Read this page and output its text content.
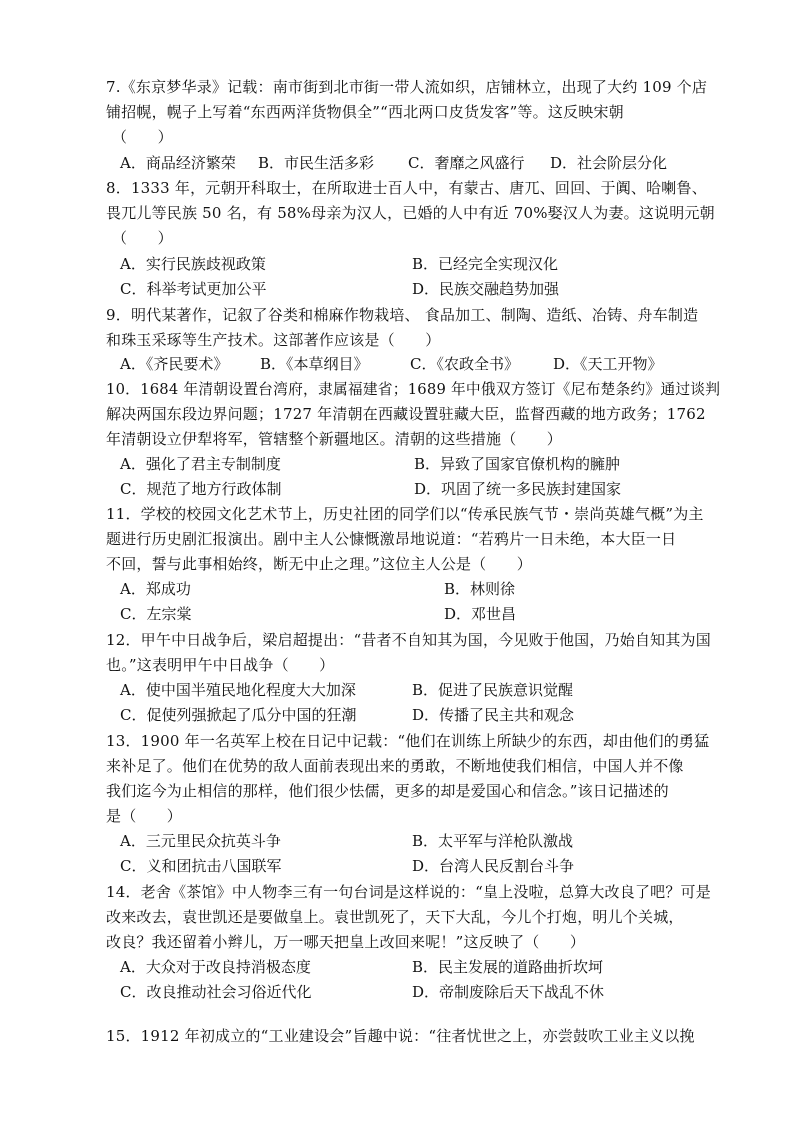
7.《东京梦华录》记载：南市街到北市街一带人流如织，店铺林立，出现了大约 109 个店
铺招幌，幌子上写着“东西两洋货物俱全”“西北两口皮货发客”等。这反映宋朝
（　　）
A．商品经济繁荣 B．市民生活多彩 C．奢靡之风盛行 D．社会阶层分化
8．1333 年，元朝开科取士，在所取进士百人中，有蒙古、唐兀、回回、于阗、哈喇鲁、
畏兀儿等民族 50 名，有 58%母亲为汉人，已婚的人中有近 70%娶汉人为妻。这说明元朝
（　　）
A．实行民族歧视政策	B．已经完全实现汉化
C．科举考试更加公平	D．民族交融趋势加强
9．明代某著作，记叙了谷类和棉麻作物栽培、 食品加工、制陶、造纸、冶铸、舟车制造
和珠玉采琢等生产技术。这部著作应该是（　　）
A．《齐民要术》 B．《本草纲目》	C．《农政全书》 D．《天工开物》
10．1684 年清朝设置台湾府，隶属福建省；1689 年中俄双方签订《尼布楚条约》通过谈判
解决两国东段边界问题；1727 年清朝在西藏设置驻藏大臣，监督西藏的地方政务；1762
年清朝设立伊犁将军，管辖整个新疆地区。清朝的这些措施（　　）
A．强化了君主专制制度	B．异致了国家官僚机构的臃肿
C．规范了地方行政体制	D．巩固了统一多民族封建国家
11．学校的校园文化艺术节上，历史社团的同学们以“传承民族气节・崇尚英雄气概”为主
题进行历史剧汇报演出。剧中主人公慷慨激昂地说道：“若鸦片一日未绝，本大臣一日
不回，誓与此事相始终，断无中止之理。”这位主人公是（　　）
A．郑成功	B．林则徐
C．左宗棠	D．邓世昌
12．甲午中日战争后，梁启超提出：“昔者不自知其为国，今见败于他国，乃始自知其为国
也。”这表明甲午中日战争（　　）
A．使中国半殖民地化程度大大加深	B．促进了民族意识觉醒
C．促使列强掀起了瓜分中国的狂潮	D．传播了民主共和观念
13．1900 年一名英军上校在日记中记载：“他们在训练上所缺少的东西，却由他们的勇猛
来补足了。他们在优势的敌人面前表现出来的勇敢，不断地使我们相信，中国人并不像
我们迄今为止相信的那样，他们很少怯儒，更多的却是爱国心和信念。”该日记描述的
是（　　）
A．三元里民众抗英斗争	B．太平军与洋枪队激战
C．义和团抗击八国联军	D．台湾人民反割台斗争
14．老舍《茶馆》中人物李三有一句台词是这样说的：“皇上没啦，总算大改良了吧？可是
改来改去，袁世凯还是要做皇上。袁世凯死了，天下大乱，今儿个打炮，明儿个关城，
改良？我还留着小辫儿，万一哪天把皇上改回来呢！”这反映了（　　）
A．大众对于改良持消极态度	B．民主发展的道路曲折坎坷
C．改良推动社会习俗近代化	D．帝制废除后天下战乱不休
15．1912 年初成立的“工业建设会”旨趣中说：“往者忧世之上，亦尝鼓吹工业主义以挽
